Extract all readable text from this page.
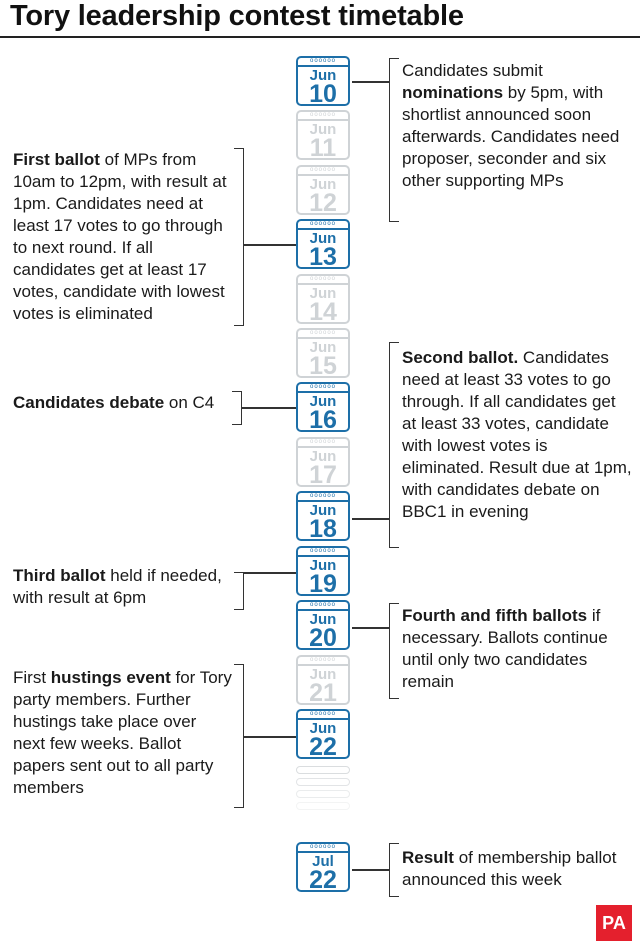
Tory leadership contest timetable
oooooo
Jun
10
oooooo
Jun
11
oooooo
Jun
12
oooooo
Jun
13
oooooo
Jun
14
oooooo
Jun
15
oooooo
Jun
16
oooooo
Jun
17
oooooo
Jun
18
oooooo
Jun
19
oooooo
Jun
20
oooooo
Jun
21
oooooo
Jun
22
oooooo
Jul
22
Candidates submit nominations by 5pm, with shortlist announced soon afterwards. Candidates need proposer, seconder and six other supporting MPs
First ballot of MPs from 10am to 12pm, with result at 1pm. Candidates need at least 17 votes to go through to next round. If all candidates get at least 17 votes, candidate with lowest votes is eliminated
Candidates debate on C4
Second ballot. Candidates need at least 33 votes to go through. If all candidates get at least 33 votes, candidate with lowest votes is eliminated. Result due at 1pm, with candidates debate on BBC1 in evening
Third ballot held if needed, with result at 6pm
Fourth and fifth ballots if necessary. Ballots continue until only two candidates remain
First hustings event for Tory party members. Further hustings take place over next few weeks. Ballot papers sent out to all party members
Result of membership ballot announced this week
PA
